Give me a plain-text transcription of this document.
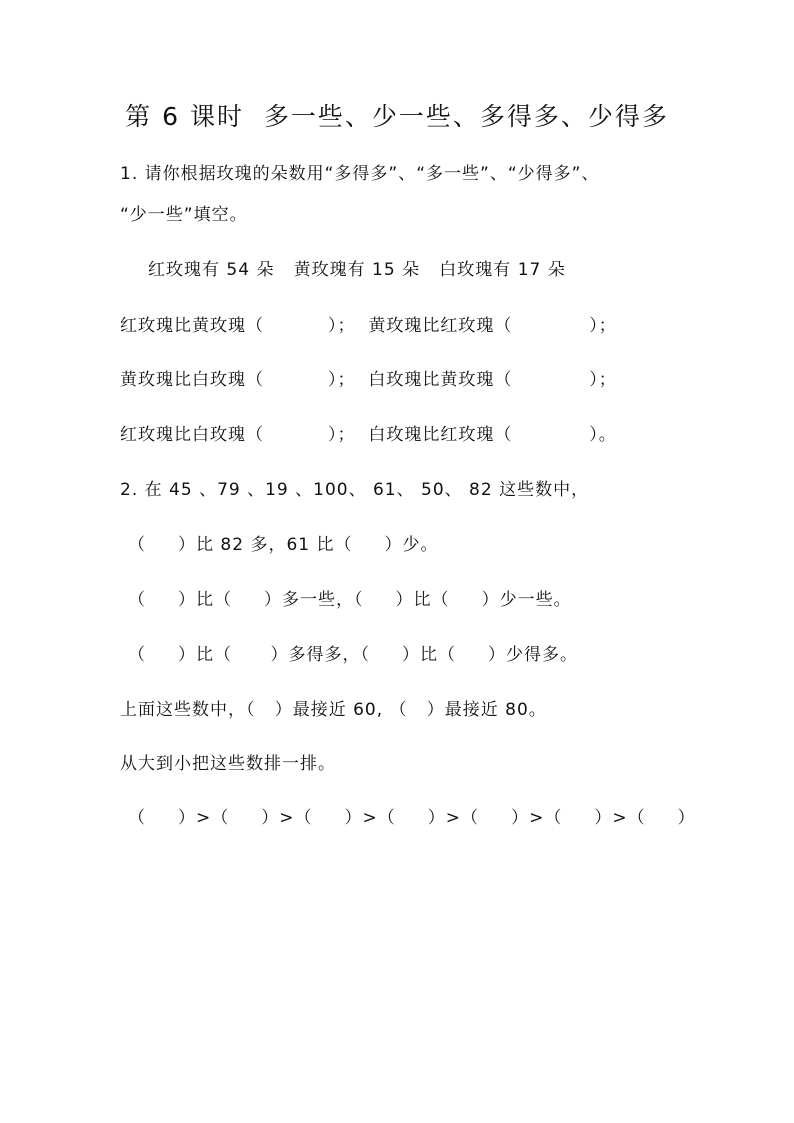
第 6 课时  多一些、少一些、多得多、少得多
1. 请你根据玫瑰的朵数用“多得多”、“多一些”、“少得多”、
“少一些”填空。
红玫瑰有 54 朵   黄玫瑰有 15 朵   白玫瑰有 17 朵
红玫瑰比黄玫瑰（          ）；  黄玫瑰比红玫瑰（            ）；
黄玫瑰比白玫瑰（          ）；  白玫瑰比黄玫瑰（            ）；
红玫瑰比白玫瑰（          ）；  白玫瑰比红玫瑰（            ）。
2. 在 45 、79 、19 、100、 61、 50、 82 这些数中，
（     ）比 82 多，61 比（     ）少。
（     ）比（     ）多一些，（     ）比（     ）少一些。
（     ）比（      ）多得多，（     ）比（     ）少得多。
上面这些数中，（   ）最接近 60, （   ）最接近 80。
从大到小把这些数排一排。
（     ）>（     ）>（     ）>（     ）>（     ）>（     ）>（     ）
